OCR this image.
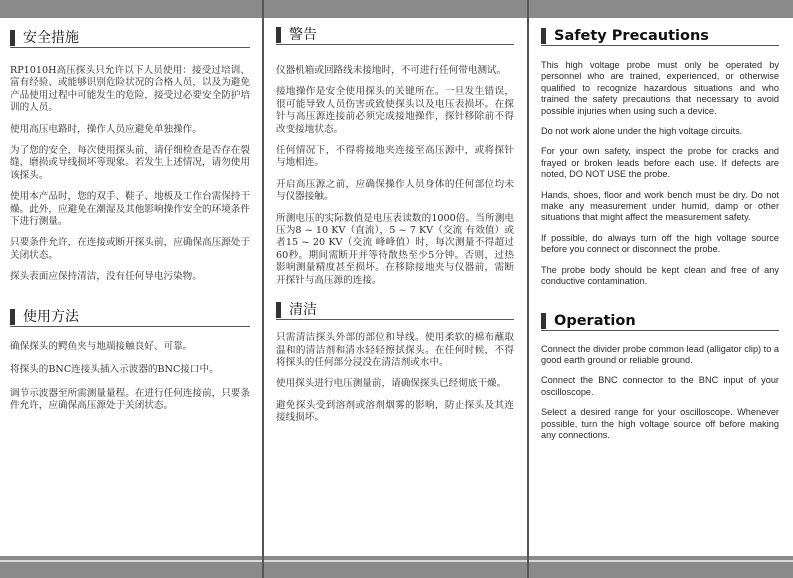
安全措施

RP1010H高压探头只允许以下人员使用：接受过培训、富有经验、或能够识别危险状况的合格人员，以及为避免产品使用过程中可能发生的危险，接受过必要安全防护培训的人员。

使用高压电路时，操作人员应避免单独操作。

为了您的安全，每次使用探头前，请仔细检查是否存在裂缝、磨损或导线损坏等现象。若发生上述情况，请勿使用该探头。

使用本产品时，您的双手、鞋子、地板及工作台需保持干燥。此外，应避免在潮湿及其他影响操作安全的环境条件下进行测量。

只要条件允许，在连接或断开探头前，应确保高压源处于关闭状态。

探头表面应保持清洁，没有任何导电污染物。

使用方法

确保探头的鳄鱼夹与地端接触良好、可靠。

将探头的BNC连接头插入示波器的BNC接口中。

调节示波器至所需测量量程。在进行任何连接前，只要条件允许，应确保高压源处于关闭状态。

警告

仪器机箱或回路线未接地时，不可进行任何带电测试。

接地操作是安全使用探头的关键所在。一旦发生错误，很可能导致人员伤害或致使探头以及电压表损坏。在探针与高压源连接前必须完成接地操作，探针移除前不得改变接地状态。

任何情况下，不得将接地夹连接至高压源中，或将探针与地相连。

开启高压源之前，应确保操作人员身体的任何部位均未与仪器接触。

所测电压的实际数值是电压表读数的1000倍。当所测电压为8 ~ 10 KV（直流），5 ~ 7 KV（交流 有效值）或者15 ~ 20 KV（交流 峰峰值）时，每次测量不得超过60秒。期间需断开并等待散热至少5分钟。否则，过热影响测量精度甚至损坏。在移除接地夹与仪器前，需断开探针与高压源的连接。

清洁

只需清洁探头外部的部位和导线。使用柔软的棉布蘸取温和的清洁剂和清水轻轻擦拭探头。在任何时候，不得将探头的任何部分浸没在清洁剂或水中。

使用探头进行电压测量前，请确保探头已经彻底干燥。

避免探头受到溶剂或溶剂烟雾的影响，防止探头及其连接线损坏。

Safety Precautions

This high voltage probe must only be operated by personnel who are trained, experienced, or otherwise qualified to recognize hazardous situations and who trained the safety precautions that necessary to avoid possible injuries when using such a device.

Do not work alone under the high voltage circuits.

For your own safety, inspect the probe for cracks and frayed or broken leads before each use. If defects are noted, DO NOT USE the probe.

Hands, shoes, floor and work bench must be dry. Do not make any measurement under humid, damp or other situations that might affect the measurement safety.

If possible, do always turn off the high voltage source before you connect or disconnect the probe.

The probe body should be kept clean and free of any conductive contamination.

Operation

Connect the divider probe common lead (alligator clip) to a good earth ground or reliable ground.

Connect the BNC connector to the BNC input of your oscilloscope.

Select a desired range for your oscilloscope. Whenever possible, turn the high voltage source off before making any connections.
